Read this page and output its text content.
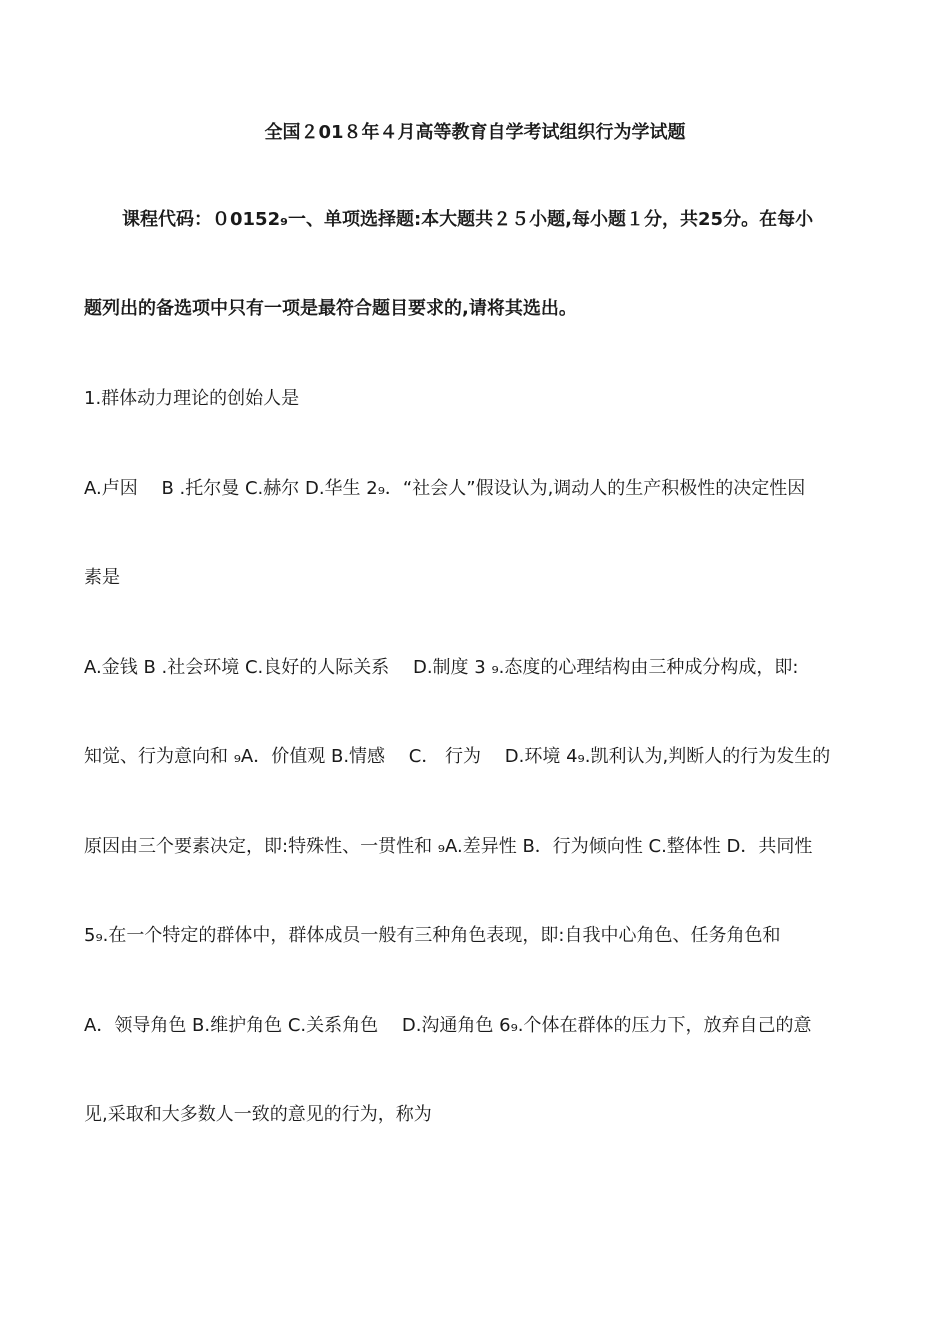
全国２01８年４月高等教育自学考试组织行为学试题
课程代码：０0152₉一、单项选择题:本大题共２５小题,每小题１分，共25分。在每小
题列出的备选项中只有一项是最符合题目要求的,请将其选出。
1.群体动力理论的创始人是
A.卢因　 B .托尔曼 C.赫尔 D.华生 2₉．“社会人”假设认为,调动人的生产积极性的决定性因
素是
A.金钱 B .社会环境 C.良好的人际关系 　D.制度 3 ₉.态度的心理结构由三种成分构成，即:
知觉、行为意向和 ₉A．价值观 B.情感 　C． 行为 　D.环境 4₉.凯利认为,判断人的行为发生的
原因由三个要素决定，即:特殊性、一贯性和 ₉A.差异性 B．行为倾向性 C.整体性 D．共同性
5₉.在一个特定的群体中，群体成员一般有三种角色表现，即:自我中心角色、任务角色和
A．领导角色 B.维护角色 C.关系角色 　D.沟通角色 6₉.个体在群体的压力下，放弃自己的意
见,采取和大多数人一致的意见的行为，称为
